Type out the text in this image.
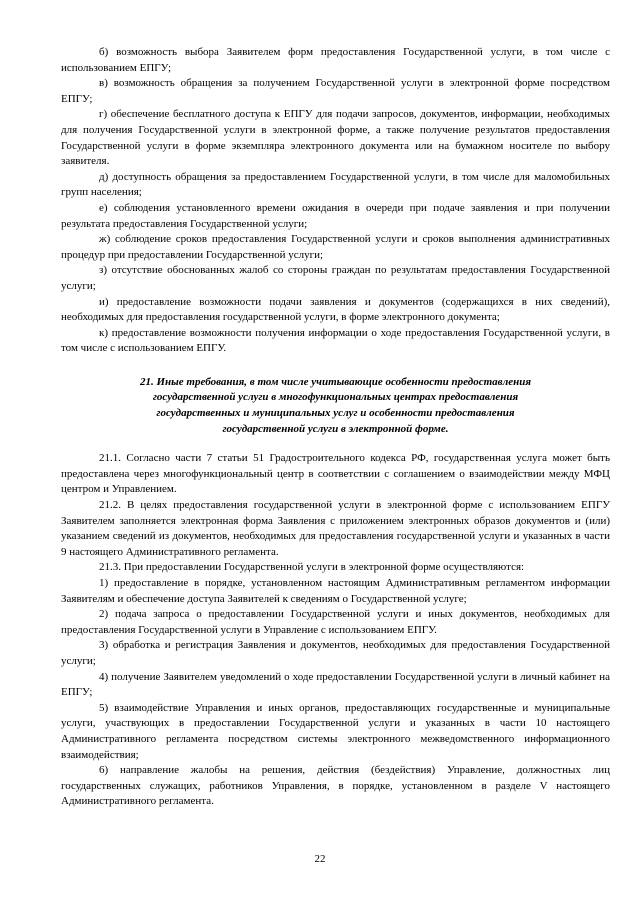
б) возможность выбора Заявителем форм предоставления Государственной услуги, в том числе с использованием ЕПГУ;

в) возможность обращения за получением Государственной услуги в электронной форме посредством ЕПГУ;

г) обеспечение бесплатного доступа к ЕПГУ для подачи запросов, документов, информации, необходимых для получения Государственной услуги в электронной форме, а также получение результатов предоставления Государственной услуги в форме экземпляра электронного документа или на бумажном носителе по выбору заявителя.

д) доступность обращения за предоставлением Государственной услуги, в том числе для маломобильных групп населения;

е) соблюдения установленного времени ожидания в очереди при подаче заявления и при получении результата предоставления Государственной услуги;

ж) соблюдение сроков предоставления Государственной услуги и сроков выполнения административных процедур при предоставлении Государственной услуги;

з) отсутствие обоснованных жалоб со стороны граждан по результатам предоставления Государственной услуги;

и) предоставление возможности подачи заявления и документов (содержащихся в них сведений), необходимых для предоставления государственной услуги, в форме электронного документа;

к) предоставление возможности получения информации о ходе предоставления Государственной услуги, в том числе с использованием ЕПГУ.

21. Иные требования, в том числе учитывающие особенности предоставления
государственной услуги в многофункциональных центрах предоставления
государственных и муниципальных услуг и особенности предоставления
государственной услуги в электронной форме.

21.1. Согласно части 7 статьи 51 Градостроительного кодекса РФ, государственная услуга может быть предоставлена через многофункциональный центр в соответствии с соглашением о взаимодействии между МФЦ центром и Управлением.

21.2. В целях предоставления государственной услуги в электронной форме с использованием ЕПГУ Заявителем заполняется электронная форма Заявления с приложением электронных образов документов и (или) указанием сведений из документов, необходимых для предоставления государственной услуги и указанных в части 9 настоящего Административного регламента.

21.3. При предоставлении Государственной услуги в электронной форме осуществляются:

1) предоставление в порядке, установленном настоящим Административным регламентом информации Заявителям и обеспечение доступа Заявителей к сведениям о Государственной услуге;

2) подача запроса о предоставлении Государственной услуги и иных документов, необходимых для предоставления Государственной услуги в Управление с использованием ЕПГУ.

3) обработка и регистрация Заявления и документов, необходимых для предоставления Государственной услуги;

4) получение Заявителем уведомлений о ходе предоставлении Государственной услуги в личный кабинет на ЕПГУ;

5) взаимодействие Управления и иных органов, предоставляющих государственные и муниципальные услуги, участвующих в предоставлении Государственной услуги и указанных в части 10 настоящего Административного регламента посредством системы электронного межведомственного информационного взаимодействия;

6) направление жалобы на решения, действия (бездействия) Управление, должностных лиц государственных служащих, работников Управления, в порядке, установленном в разделе V настоящего Административного регламента.

22
